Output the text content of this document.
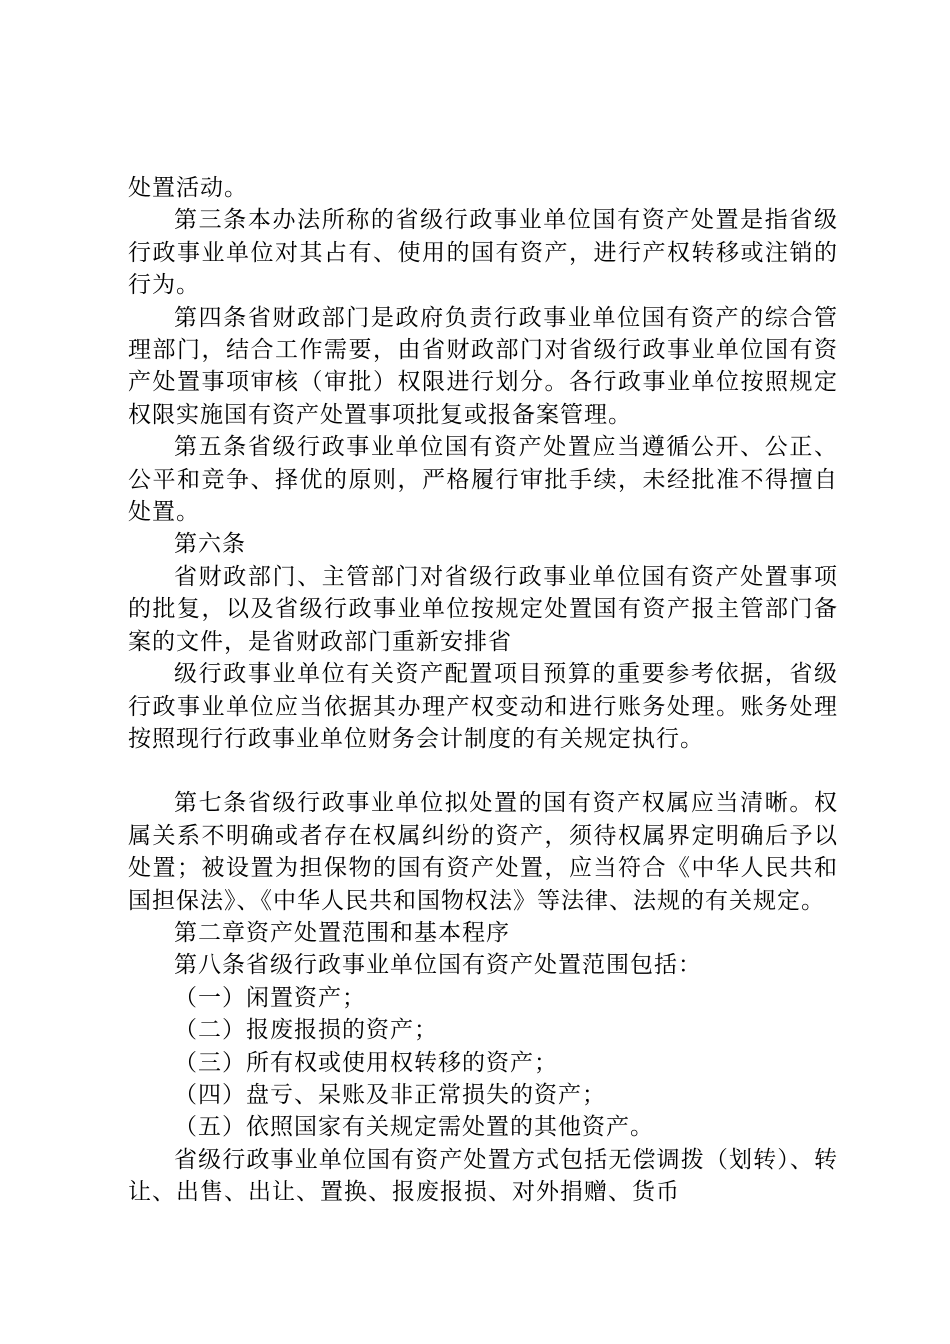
处置活动。

第三条本办法所称的省级行政事业单位国有资产处置是指省级行政事业单位对其占有、使用的国有资产，进行产权转移或注销的行为。

第四条省财政部门是政府负责行政事业单位国有资产的综合管理部门，结合工作需要，由省财政部门对省级行政事业单位国有资产处置事项审核（审批）权限进行划分。各行政事业单位按照规定权限实施国有资产处置事项批复或报备案管理。

第五条省级行政事业单位国有资产处置应当遵循公开、公正、公平和竞争、择优的原则，严格履行审批手续，未经批准不得擅自处置。

第六条

省财政部门、主管部门对省级行政事业单位国有资产处置事项的批复，以及省级行政事业单位按规定处置国有资产报主管部门备案的文件，是省财政部门重新安排省

级行政事业单位有关资产配置项目预算的重要参考依据，省级行政事业单位应当依据其办理产权变动和进行账务处理。账务处理按照现行行政事业单位财务会计制度的有关规定执行。

第七条省级行政事业单位拟处置的国有资产权属应当清晰。权属关系不明确或者存在权属纠纷的资产，须待权属界定明确后予以处置；被设置为担保物的国有资产处置，应当符合《中华人民共和国担保法》、《中华人民共和国物权法》等法律、法规的有关规定。

第二章资产处置范围和基本程序

第八条省级行政事业单位国有资产处置范围包括：

（一）闲置资产；

（二）报废报损的资产；

（三）所有权或使用权转移的资产；

（四）盘亏、呆账及非正常损失的资产；

（五）依照国家有关规定需处置的其他资产。

省级行政事业单位国有资产处置方式包括无偿调拨（划转）、转让、出售、出让、置换、报废报损、对外捐赠、货币
